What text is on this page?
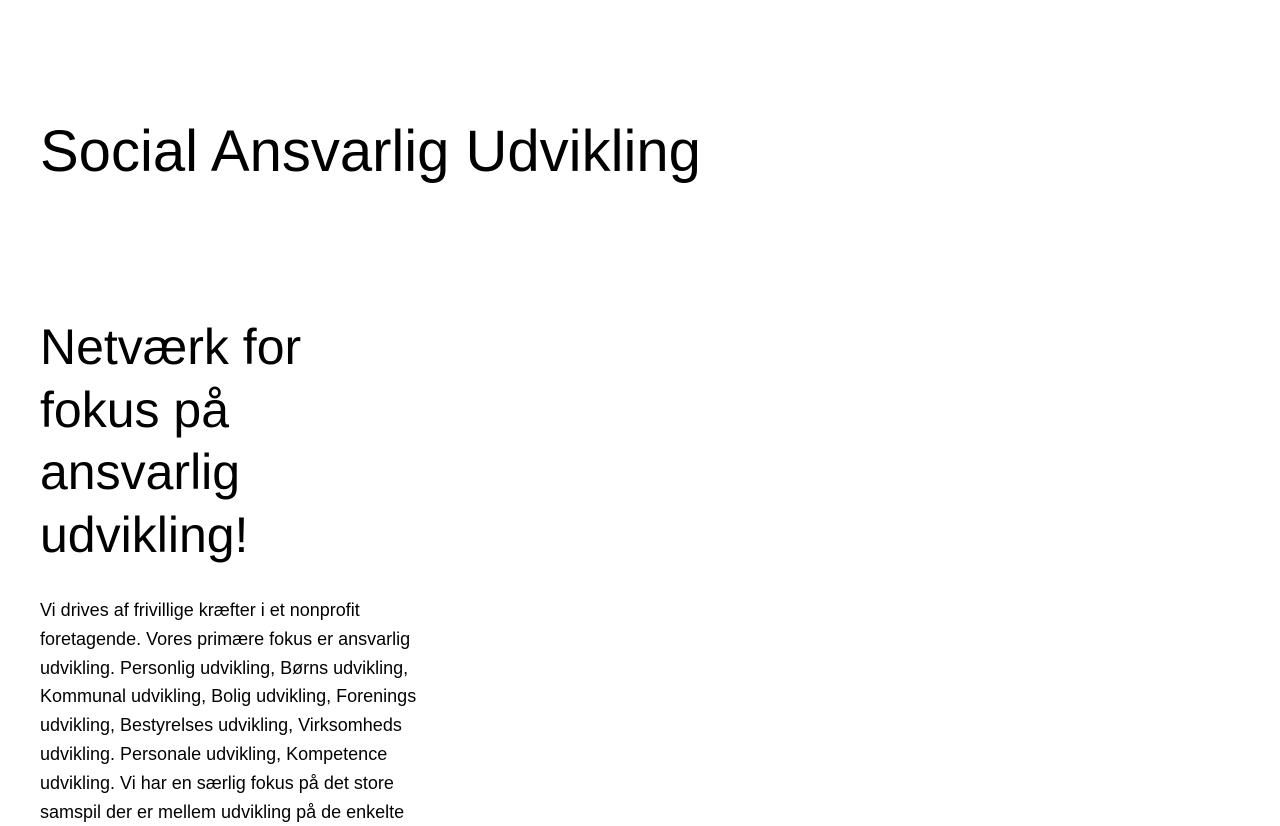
Social Ansvarlig Udvikling
Netværk for fokus på ansvarlig udvikling!

Vi drives af frivillige kræfter i et nonprofit foretagende. Vores primære fokus er ansvarlig udvikling. Personlig udvikling, Børns udvikling, Kommunal udvikling, Bolig udvikling, Forenings udvikling, Bestyrelses udvikling, Virksomheds udvikling. Personale udvikling, Kompetence udvikling. Vi har en særlig fokus på det store samspil der er mellem udvikling på de enkelte
